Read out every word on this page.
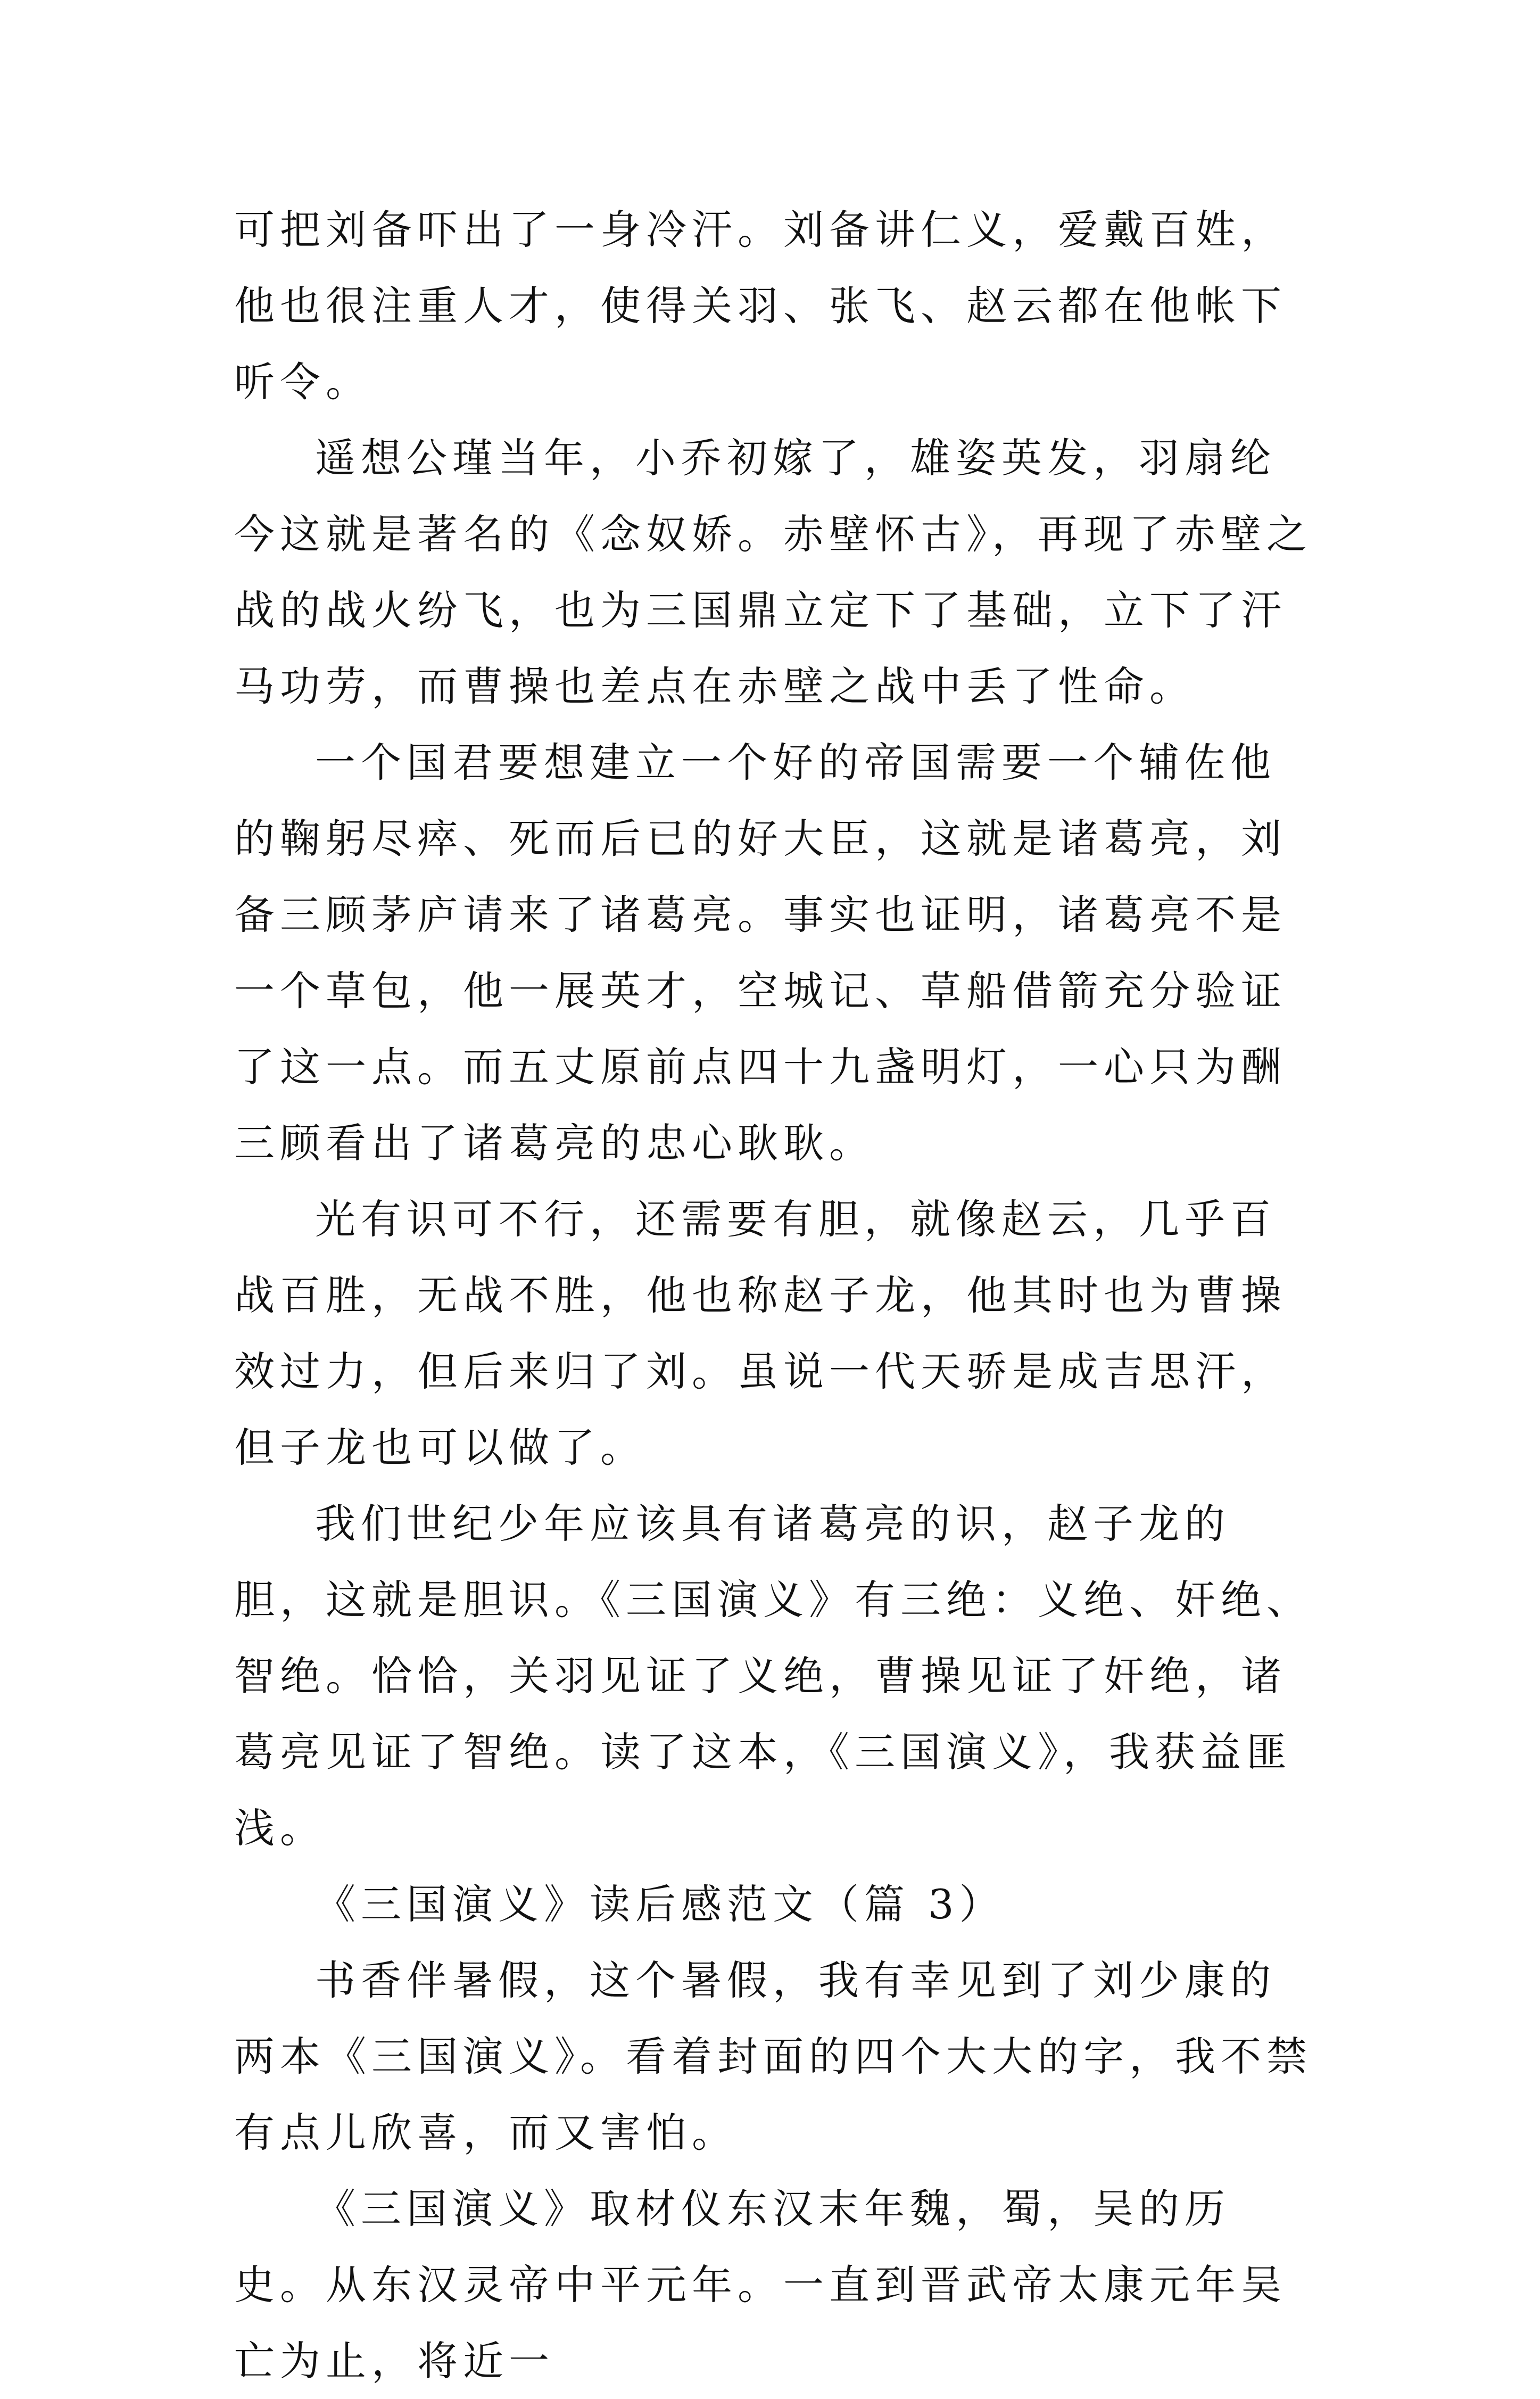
可把刘备吓出了一身冷汗。刘备讲仁义，爱戴百姓，他也很注重人才，使得关羽、张飞、赵云都在他帐下听令。

遥想公瑾当年，小乔初嫁了，雄姿英发，羽扇纶今这就是著名的《念奴娇。赤壁怀古》，再现了赤壁之战的战火纷飞，也为三国鼎立定下了基础，立下了汗马功劳，而曹操也差点在赤壁之战中丢了性命。

一个国君要想建立一个好的帝国需要一个辅佐他的鞠躬尽瘁、死而后已的好大臣，这就是诸葛亮，刘备三顾茅庐请来了诸葛亮。事实也证明，诸葛亮不是一个草包，他一展英才，空城记、草船借箭充分验证了这一点。而五丈原前点四十九盏明灯，一心只为酬三顾看出了诸葛亮的忠心耿耿。

光有识可不行，还需要有胆，就像赵云，几乎百战百胜，无战不胜，他也称赵子龙，他其时也为曹操效过力，但后来归了刘。虽说一代天骄是成吉思汗，但子龙也可以做了。

我们世纪少年应该具有诸葛亮的识，赵子龙的胆，这就是胆识。《三国演义》有三绝：义绝、奸绝、智绝。恰恰，关羽见证了义绝，曹操见证了奸绝，诸葛亮见证了智绝。读了这本，《三国演义》，我获益匪浅。

《三国演义》读后感范文（篇 3）

书香伴暑假，这个暑假，我有幸见到了刘少康的两本《三国演义》。看着封面的四个大大的字，我不禁有点儿欣喜，而又害怕。

《三国演义》取材仪东汉末年魏，蜀，吴的历史。从东汉灵帝中平元年。一直到晋武帝太康元年吴亡为止，将近一
